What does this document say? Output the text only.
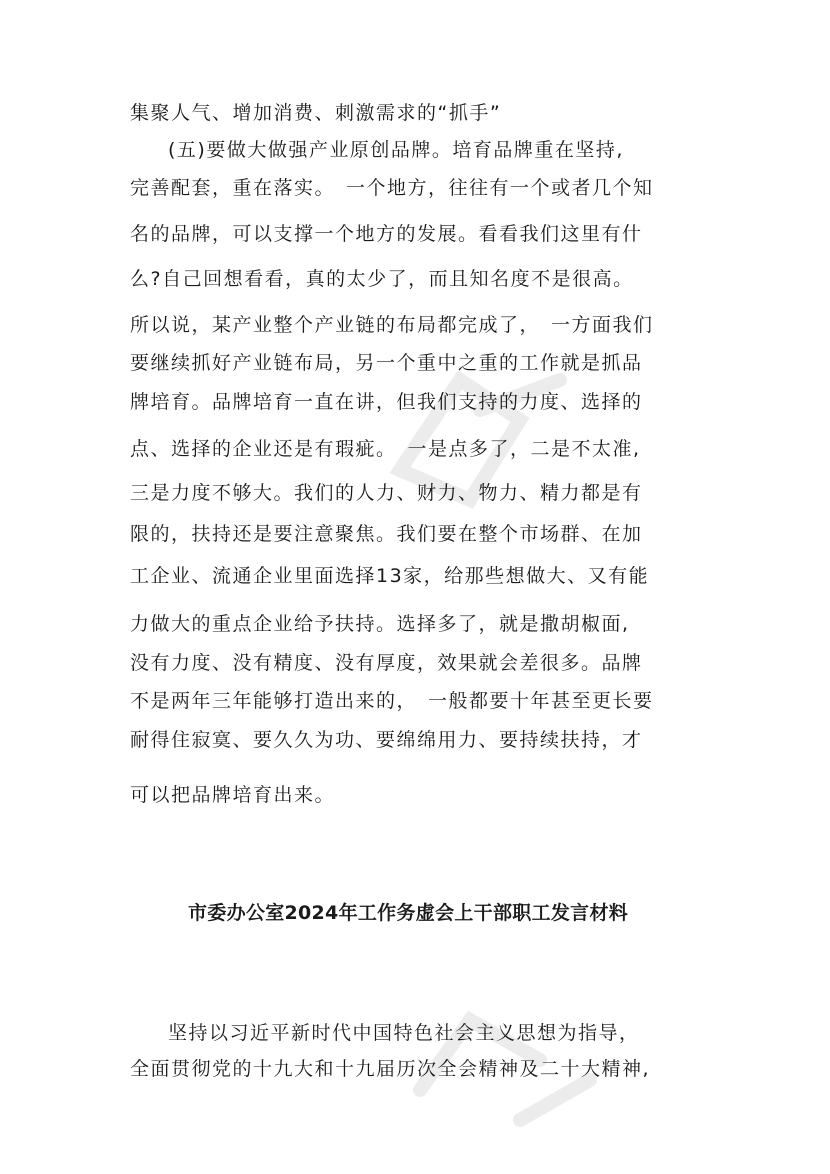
集聚人气、增加消费、刺激需求的“抓手”
(五)要做大做强产业原创品牌。培育品牌重在坚持,
完善配套，重在落实。　一个地方，往往有一个或者几个知
名的品牌，可以支撑一个地方的发展。看看我们这里有什
么?自己回想看看，真的太少了，而且知名度不是很高。
所以说，某产业整个产业链的布局都完成了，　一方面我们
要继续抓好产业链布局，另一个重中之重的工作就是抓品
牌培育。品牌培育一直在讲，但我们支持的力度、选择的
点、选择的企业还是有瑕疵。　一是点多了，二是不太准,
三是力度不够大。我们的人力、财力、物力、精力都是有
限的，扶持还是要注意聚焦。我们要在整个市场群、在加
工企业、流通企业里面选择13家，给那些想做大、又有能
力做大的重点企业给予扶持。选择多了，就是撒胡椒面,
没有力度、没有精度、没有厚度，效果就会差很多。品牌
不是两年三年能够打造出来的，　一般都要十年甚至更长要
耐得住寂寞、要久久为功、要绵绵用力、要持续扶持，才
可以把品牌培育出来。
市委办公室2024年工作务虚会上干部职工发言材料
坚持以习近平新时代中国特色社会主义思想为指导，
全面贯彻党的十九大和十九届历次全会精神及二十大精神,
